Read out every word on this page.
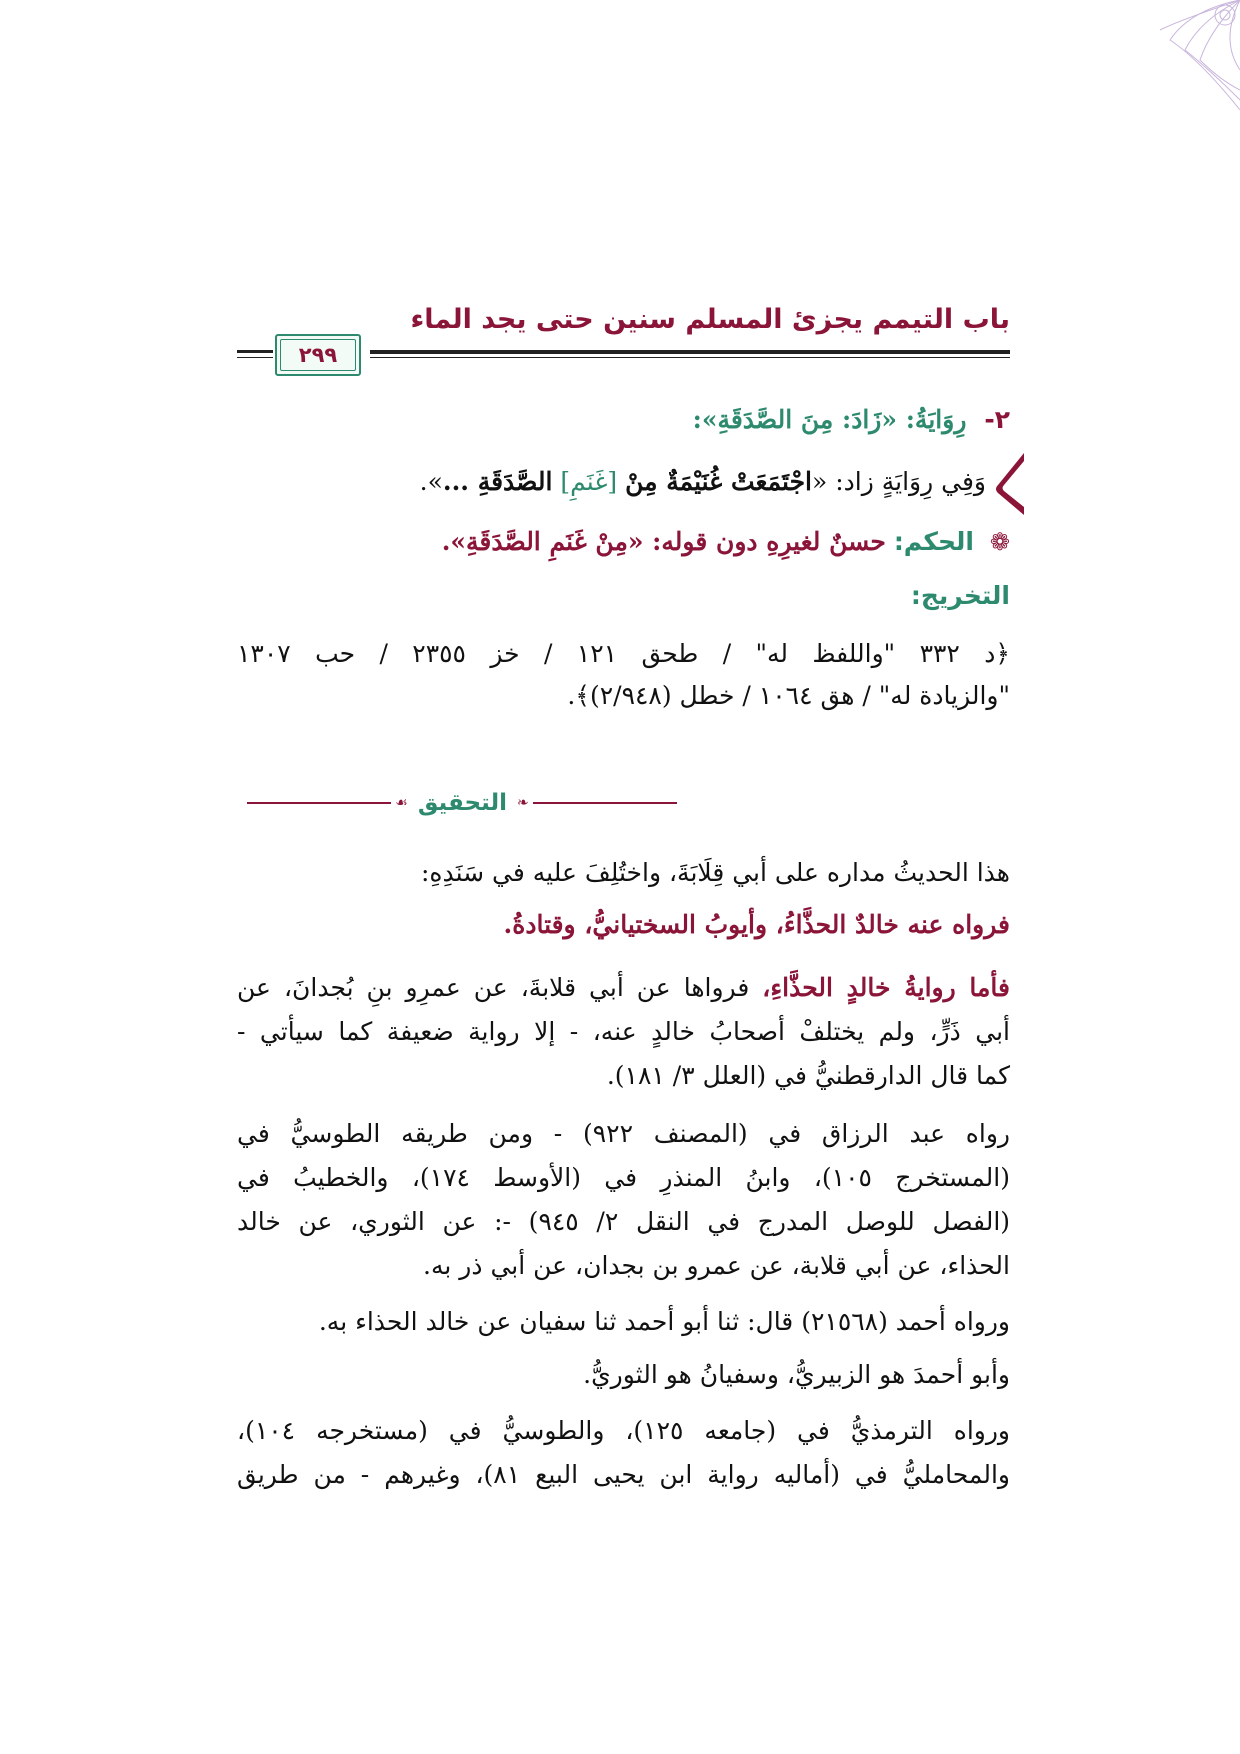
باب التيمم يجزئ المسلم سنين حتى يجد الماء
٢٩٩
٢- رِوَايَةُ: «زَادَ: مِنَ الصَّدَقَةِ»:
وَفِي رِوَايَةٍ زاد: «اجْتَمَعَتْ غُنَيْمَةٌ مِنْ [غَنَمِ] الصَّدَقَةِ ...».
❁ الحكم: حسنٌ لغيرِهِ دون قوله: «مِنْ غَنَمِ الصَّدَقَةِ».
التخريج:
﴿د ٣٣٢ "واللفظ له" / طحق ١٢١ / خز ٢٣٥٥ / حب ١٣٠٧
"والزيادة له" / هق ١٠٦٤ / خطل (٢/٩٤٨)﴾.
هذا الحديثُ مداره على أبي قِلَابَةَ، واختُلِفَ عليه في سَنَدِهِ:
فرواه عنه خالدٌ الحذَّاءُ، وأيوبُ السختيانيُّ، وقتادةُ.
فأما روايةُ خالدٍ الحذَّاءِ، فرواها عن أبي قلابةَ، عن عمرِو بنِ بُجدانَ، عن
أبي ذَرٍّ، ولم يختلفْ أصحابُ خالدٍ عنه، - إلا رواية ضعيفة كما سيأتي -
كما قال الدارقطنيُّ في (العلل ٣/ ١٨١).
رواه عبد الرزاق في (المصنف ٩٢٢) - ومن طريقه الطوسيُّ في
(المستخرج ١٠٥)، وابنُ المنذرِ في (الأوسط ١٧٤)، والخطيبُ في
(الفصل للوصل المدرج في النقل ٢/ ٩٤٥) -: عن الثوري، عن خالد
الحذاء، عن أبي قلابة، عن عمرو بن بجدان، عن أبي ذر به.
ورواه أحمد (٢١٥٦٨) قال: ثنا أبو أحمد ثنا سفيان عن خالد الحذاء به.
وأبو أحمدَ هو الزبيريُّ، وسفيانُ هو الثوريُّ.
ورواه الترمذيُّ في (جامعه ١٢٥)، والطوسيُّ في (مستخرجه ١٠٤)،
والمحامليُّ في (أماليه رواية ابن يحيى البيع ٨١)، وغيرهم - من طريق
❧
التحقيق
☙
